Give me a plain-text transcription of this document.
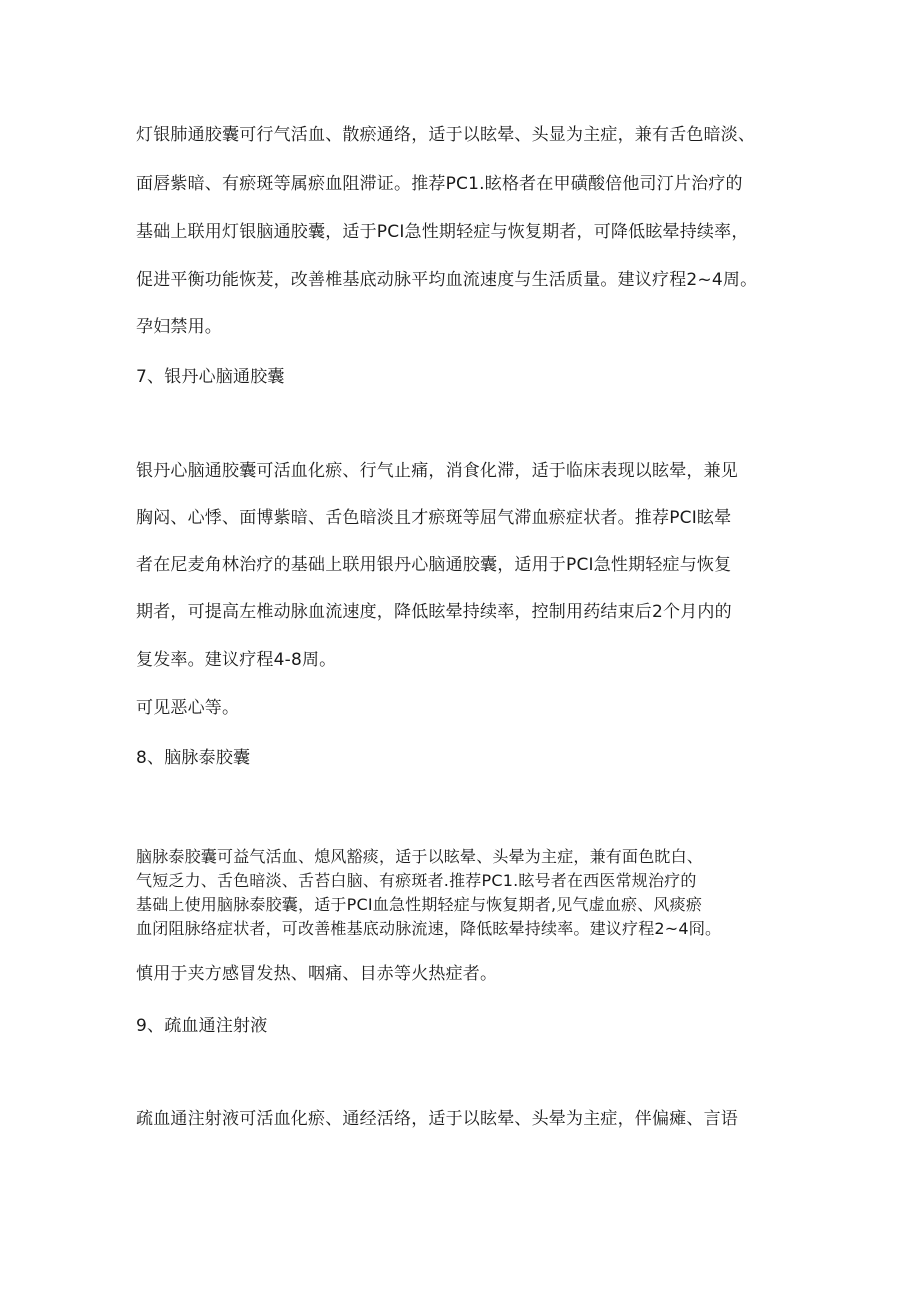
灯银肺通胶囊可行气活血、散瘀通络，适于以眩晕、头显为主症，兼有舌色暗淡、

面唇紫暗、有瘀斑等属瘀血阻滞证。推荐PC1.眩格者在甲磺酸倍他司汀片治疗的

基础上联用灯银脑通胶囊，适于PCI急性期轻症与恢复期者，可降低眩晕持续率，

促进平衡功能恢茇，改善椎基底动脉平均血流速度与生活质量。建议疗程2~4周。

孕妇禁用。

7、银丹心脑通胶囊

银丹心脑通胶囊可活血化瘀、行气止痛，消食化滞，适于临床表现以眩晕，兼见

胸闷、心悸、面博紫暗、舌色暗淡且才瘀斑等屈气滞血瘀症状者。推荐PCI眩晕

者在尼麦角林治疗的基础上联用银丹心脑通胶囊，适用于PCI急性期轻症与恢复

期者，可提高左椎动脉血流速度，降低眩晕持续率，控制用药结束后2个月内的

复发率。建议疗程4-8周。

可见恶心等。

8、脑脉泰胶囊

脑脉泰胶囊可益气活血、熄风豁痰，适于以眩晕、头晕为主症，兼有面色眈白、

气短乏力、舌色暗淡、舌苔白脑、有瘀斑者.推荐PC1.眩号者在西医常规治疗的

基础上使用脑脉泰胶囊，适于PCI血急性期轻症与恢复期者,见气虚血瘀、风痰瘀

血闭阻脉络症状者，可改善椎基底动脉流速，降低眩晕持续率。建议疗程2~4冏。

慎用于夹方感冒发热、咽痛、目赤等火热症者。

9、疏血通注射液

疏血通注射液可活血化瘀、通经活络，适于以眩晕、头晕为主症，伴偏瘫、言语
